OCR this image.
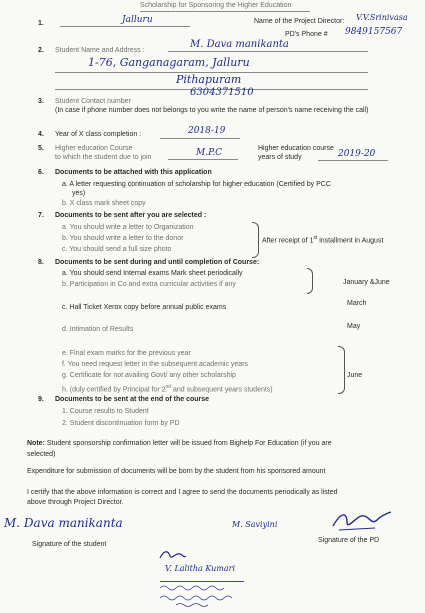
Scholarship for Sponsoring the Higher Education
1.	Jalluru	Name of the Project Director: V.V.Srinivasa
PD's Phone # 9849157567
2. Student Name and Address :
M. Dava manikanta
1-76, Ganganagaram, Jalluru
Pithapuram
6304371510
3. Student Contact number
(In case if phone number does not belongs to you write the name of person's name receiving the call)
4. Year of X class completion :	2018-19
5. Higher education Course
to which the student due to join	M.P.C	Higher education course
years of study	2019-20
6. Documents to be attached with this application
a. A letter requesting continuation of scholarship for higher education (Certified by PCC
yes)
b. X class mark sheet copy
7. Documents to be sent after you are selected :
a. You should write a letter to Organization
b. You should write a letter to the donor
c. You should send a full size photo
After receipt of 1st installment in August
8. Documents to be sent during and until completion of Course:
a. You should send Internal exams Mark sheet periodically
b. Participation in Co and extra curricular activities if any	January &June
c. Hall Ticket Xerox copy before annual public exams
March
d. Intimation of Results	May
e. Final exam marks for the previous year
f. You need request letter in the subsequent academic years
g. Certificate for not availing Govt/ any other scholarship
h. (duly certified by Principal for 2nd and subsequent years students)
June
9. Documents to be sent at the end of the course
1. Course results to Student
2. Student discontinuation form by PD
Note: Student sponsorship confirmation letter will be issued from Bighelp For Education (if you are
selected)
Expenditure for submission of documents will be born by the student from his sponsored amount
I certify that the above information is correct and I agree to send the documents periodically as listed
above through Project Director.
M. Dava manikanta
Signature of the student
M. Saviyini
Signature of the PD
V. Lalitha Kumari
